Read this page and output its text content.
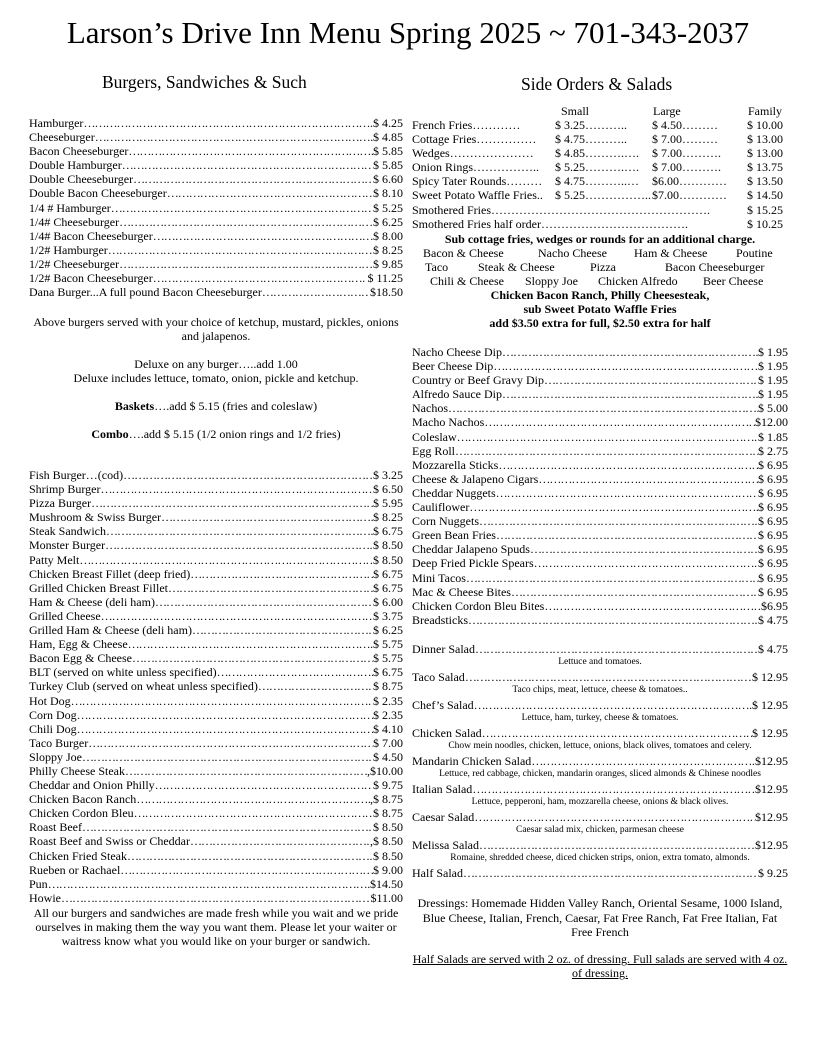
Larson’s Drive Inn Menu Spring 2025 ~ 701-343-2037
Burgers, Sandwiches & Such
Hamburger ………………………………………………………………………………………………………………………………………………	$ 4.25
Cheeseburger ………………………………………………………………………………………………………………………………………………	$ 4.85
Bacon Cheeseburger ………………………………………………………………………………………………………………………………………………	$ 5.85
Double Hamburger ………………………………………………………………………………………………………………………………………………	$ 5.85
Double Cheeseburger ………………………………………………………………………………………………………………………………………………	$ 6.60
Double Bacon Cheeseburger ………………………………………………………………………………………………………………………………………………	$ 8.10
1/4 # Hamburger ………………………………………………………………………………………………………………………………………………	$ 5.25
1/4# Cheeseburger ………………………………………………………………………………………………………………………………………………	$ 6.25
1/4# Bacon Cheeseburger ………………………………………………………………………………………………………………………………………………	$ 8.00
1/2# Hamburger ………………………………………………………………………………………………………………………………………………	$ 8.25
1/2# Cheeseburger ………………………………………………………………………………………………………………………………………………	$ 9.85
1/2# Bacon Cheeseburger ………………………………………………………………………………………………………………………………………………	$ 11.25
Dana Burger...A full pound Bacon Cheeseburger ………………………………………………………………………………………………………………………………………………	$18.50
Above burgers served with your choice of ketchup, mustard, pickles, onions and jalapenos.
Deluxe on any burger…..add 1.00
Deluxe includes lettuce, tomato, onion, pickle and ketchup.
Baskets….add $ 5.15 (fries and coleslaw)
Combo….add $ 5.15 (1/2 onion rings and 1/2 fries)
Fish Burger…(cod) ………………………………………………………………………………………………………………………………………………	$ 3.25
Shrimp Burger ………………………………………………………………………………………………………………………………………………	$ 6.50
Pizza Burger ………………………………………………………………………………………………………………………………………………	$ 5.95
Mushroom & Swiss Burger ………………………………………………………………………………………………………………………………………………	$ 8.25
Steak Sandwich ………………………………………………………………………………………………………………………………………………	$ 6.75
Monster Burger ………………………………………………………………………………………………………………………………………………	$ 8.50
Patty Melt ………………………………………………………………………………………………………………………………………………	$ 8.50
Chicken Breast Fillet (deep fried) ………………………………………………………………………………………………………………………………………………	$ 6.75
Grilled Chicken Breast Fillet ………………………………………………………………………………………………………………………………………………	$ 6.75
Ham & Cheese (deli ham) ………………………………………………………………………………………………………………………………………………	$ 6.00
Grilled Cheese ………………………………………………………………………………………………………………………………………………	$ 3.75
Grilled Ham & Cheese (deli ham) ………………………………………………………………………………………………………………………………………………	$ 6.25
Ham, Egg & Cheese ………………………………………………………………………………………………………………………………………………	$ 5.75
Bacon Egg & Cheese ………………………………………………………………………………………………………………………………………………	$ 5.75
BLT (served on white unless specified) ………………………………………………………………………………………………………………………………………………	$ 6.75
Turkey Club (served on wheat unless specified) ………………………………………………………………………………………………………………………………………………	$ 8.75
Hot Dog ………………………………………………………………………………………………………………………………………………	$ 2.35
Corn Dog ………………………………………………………………………………………………………………………………………………	$ 2.35
Chili Dog ………………………………………………………………………………………………………………………………………………	$ 4.10
Taco Burger ………………………………………………………………………………………………………………………………………………	$ 7.00
Sloppy Joe ………………………………………………………………………………………………………………………………………………	$ 4.50
Philly Cheese Steak ………………………………………………………………………………………………………………………………………………	,$10.00
Cheddar and Onion Philly ………………………………………………………………………………………………………………………………………………	$ 9.75
Chicken Bacon Ranch ………………………………………………………………………………………………………………………………………………	,$ 8.75
Chicken Cordon Bleu ………………………………………………………………………………………………………………………………………………	$ 8.75
Roast Beef ………………………………………………………………………………………………………………………………………………	$ 8.50
Roast Beef and Swiss or Cheddar ………………………………………………………………………………………………………………………………………………	,$ 8.50
Chicken Fried Steak ………………………………………………………………………………………………………………………………………………	$ 8.50
Rueben or Rachael ………………………………………………………………………………………………………………………………………………	$ 9.00
Pun ………………………………………………………………………………………………………………………………………………	$14.50
Howie ………………………………………………………………………………………………………………………………………………	$11.00
All our burgers and sandwiches are made fresh while you wait and we pride ourselves in making them the way you want them. Please let your waiter or waitress know what you would like on your burger or sandwich.
Side Orders & Salads
Small	Large	Family
French Fries…………	$ 3.25……….. $ 4.50……… $ 10.00
Cottage Fries…………… $ 4.75……….. $ 7.00……… $ 13.00
Wedges………………… $ 4.85……….…. $ 7.00………. $ 13.00
Onion Rings…………….. $ 5.25……….…. $ 7.00………. $ 13.75
Spicy Tater Rounds……… $ 4.75………..… $6.00………… $ 13.50
Sweet Potato Waffle Fries.. $ 5.25…………….. $7.00………… $ 14.50
Smothered Fries……………………………………………….	$ 15.25
Smothered Fries half order……………………………….	$ 10.25
Sub cottage fries, wedges or rounds for an additional charge.
Bacon & Cheese	Nacho Cheese Ham & Cheese Poutine
Taco Steak & Cheese	Pizza	Bacon Cheeseburger
Chili & Cheese Sloppy Joe Chicken Alfredo Beer Cheese
Chicken Bacon Ranch, Philly Cheesesteak,
sub Sweet Potato Waffle Fries
add $3.50 extra for full, $2.50 extra for half
Nacho Cheese Dip ………………………………………………………………………………………………………………………………………………	$ 1.95
Beer Cheese Dip ………………………………………………………………………………………………………………………………………………	$ 1.95
Country or Beef Gravy Dip ………………………………………………………………………………………………………………………………………………	$ 1.95
Alfredo Sauce Dip ………………………………………………………………………………………………………………………………………………	$ 1.95
Nachos ………………………………………………………………………………………………………………………………………………	$ 5.00
Macho Nachos ………………………………………………………………………………………………………………………………………………	$12.00
Coleslaw ………………………………………………………………………………………………………………………………………………	$ 1.85
Egg Roll ………………………………………………………………………………………………………………………………………………	$ 2.75
Mozzarella Sticks ………………………………………………………………………………………………………………………………………………	$ 6.95
Cheese & Jalapeno Cigars ………………………………………………………………………………………………………………………………………………	$ 6.95
Cheddar Nuggets ………………………………………………………………………………………………………………………………………………	$ 6.95
Cauliflower ………………………………………………………………………………………………………………………………………………	$ 6.95
Corn Nuggets ………………………………………………………………………………………………………………………………………………	$ 6.95
Green Bean Fries ………………………………………………………………………………………………………………………………………………	$ 6.95
Cheddar Jalapeno Spuds ………………………………………………………………………………………………………………………………………………	$ 6.95
Deep Fried Pickle Spears ………………………………………………………………………………………………………………………………………………	$ 6.95
Mini Tacos ………………………………………………………………………………………………………………………………………………	$ 6.95
Mac & Cheese Bites ………………………………………………………………………………………………………………………………………………	$ 6.95
Chicken Cordon Bleu Bites ………………………………………………………………………………………………………………………………………………	$6.95
Breadsticks ………………………………………………………………………………………………………………………………………………	$ 4.75
Dinner Salad ………………………………………………………………………………………………………………………………	$ 4.75
Lettuce and tomatoes.
Taco Salad ………………………………………………………………………………………………………………………………	$ 12.95
Taco chips, meat, lettuce, cheese & tomatoes..
Chef’s Salad ………………………………………………………………………………………………………………………………	$ 12.95
Lettuce, ham, turkey, cheese & tomatoes.
Chicken Salad ………………………………………………………………………………………………………………………………	$ 12.95
Chow mein noodles, chicken, lettuce, onions, black olives, tomatoes and celery.
Mandarin Chicken Salad ………………………………………………………………………………………………………………………………	$12.95
Lettuce, red cabbage, chicken, mandarin oranges, sliced almonds & Chinese noodles
Italian Salad ………………………………………………………………………………………………………………………………	$12.95
Lettuce, pepperoni, ham, mozzarella cheese, onions & black olives.
Caesar Salad ………………………………………………………………………………………………………………………………	$12.95
Caesar salad mix, chicken, parmesan cheese
Melissa Salad ………………………………………………………………………………………………………………………………	$12.95
Romaine, shredded cheese, diced chicken strips, onion, extra tomato, almonds.
Half Salad ………………………………………………………………………………………………………………………………	$ 9.25
Dressings: Homemade Hidden Valley Ranch, Oriental Sesame, 1000 Island, Blue Cheese, Italian, French, Caesar, Fat Free Ranch, Fat Free Italian, Fat Free French
Half Salads are served with 2 oz. of dressing. Full salads are served with 4 oz. of dressing.
